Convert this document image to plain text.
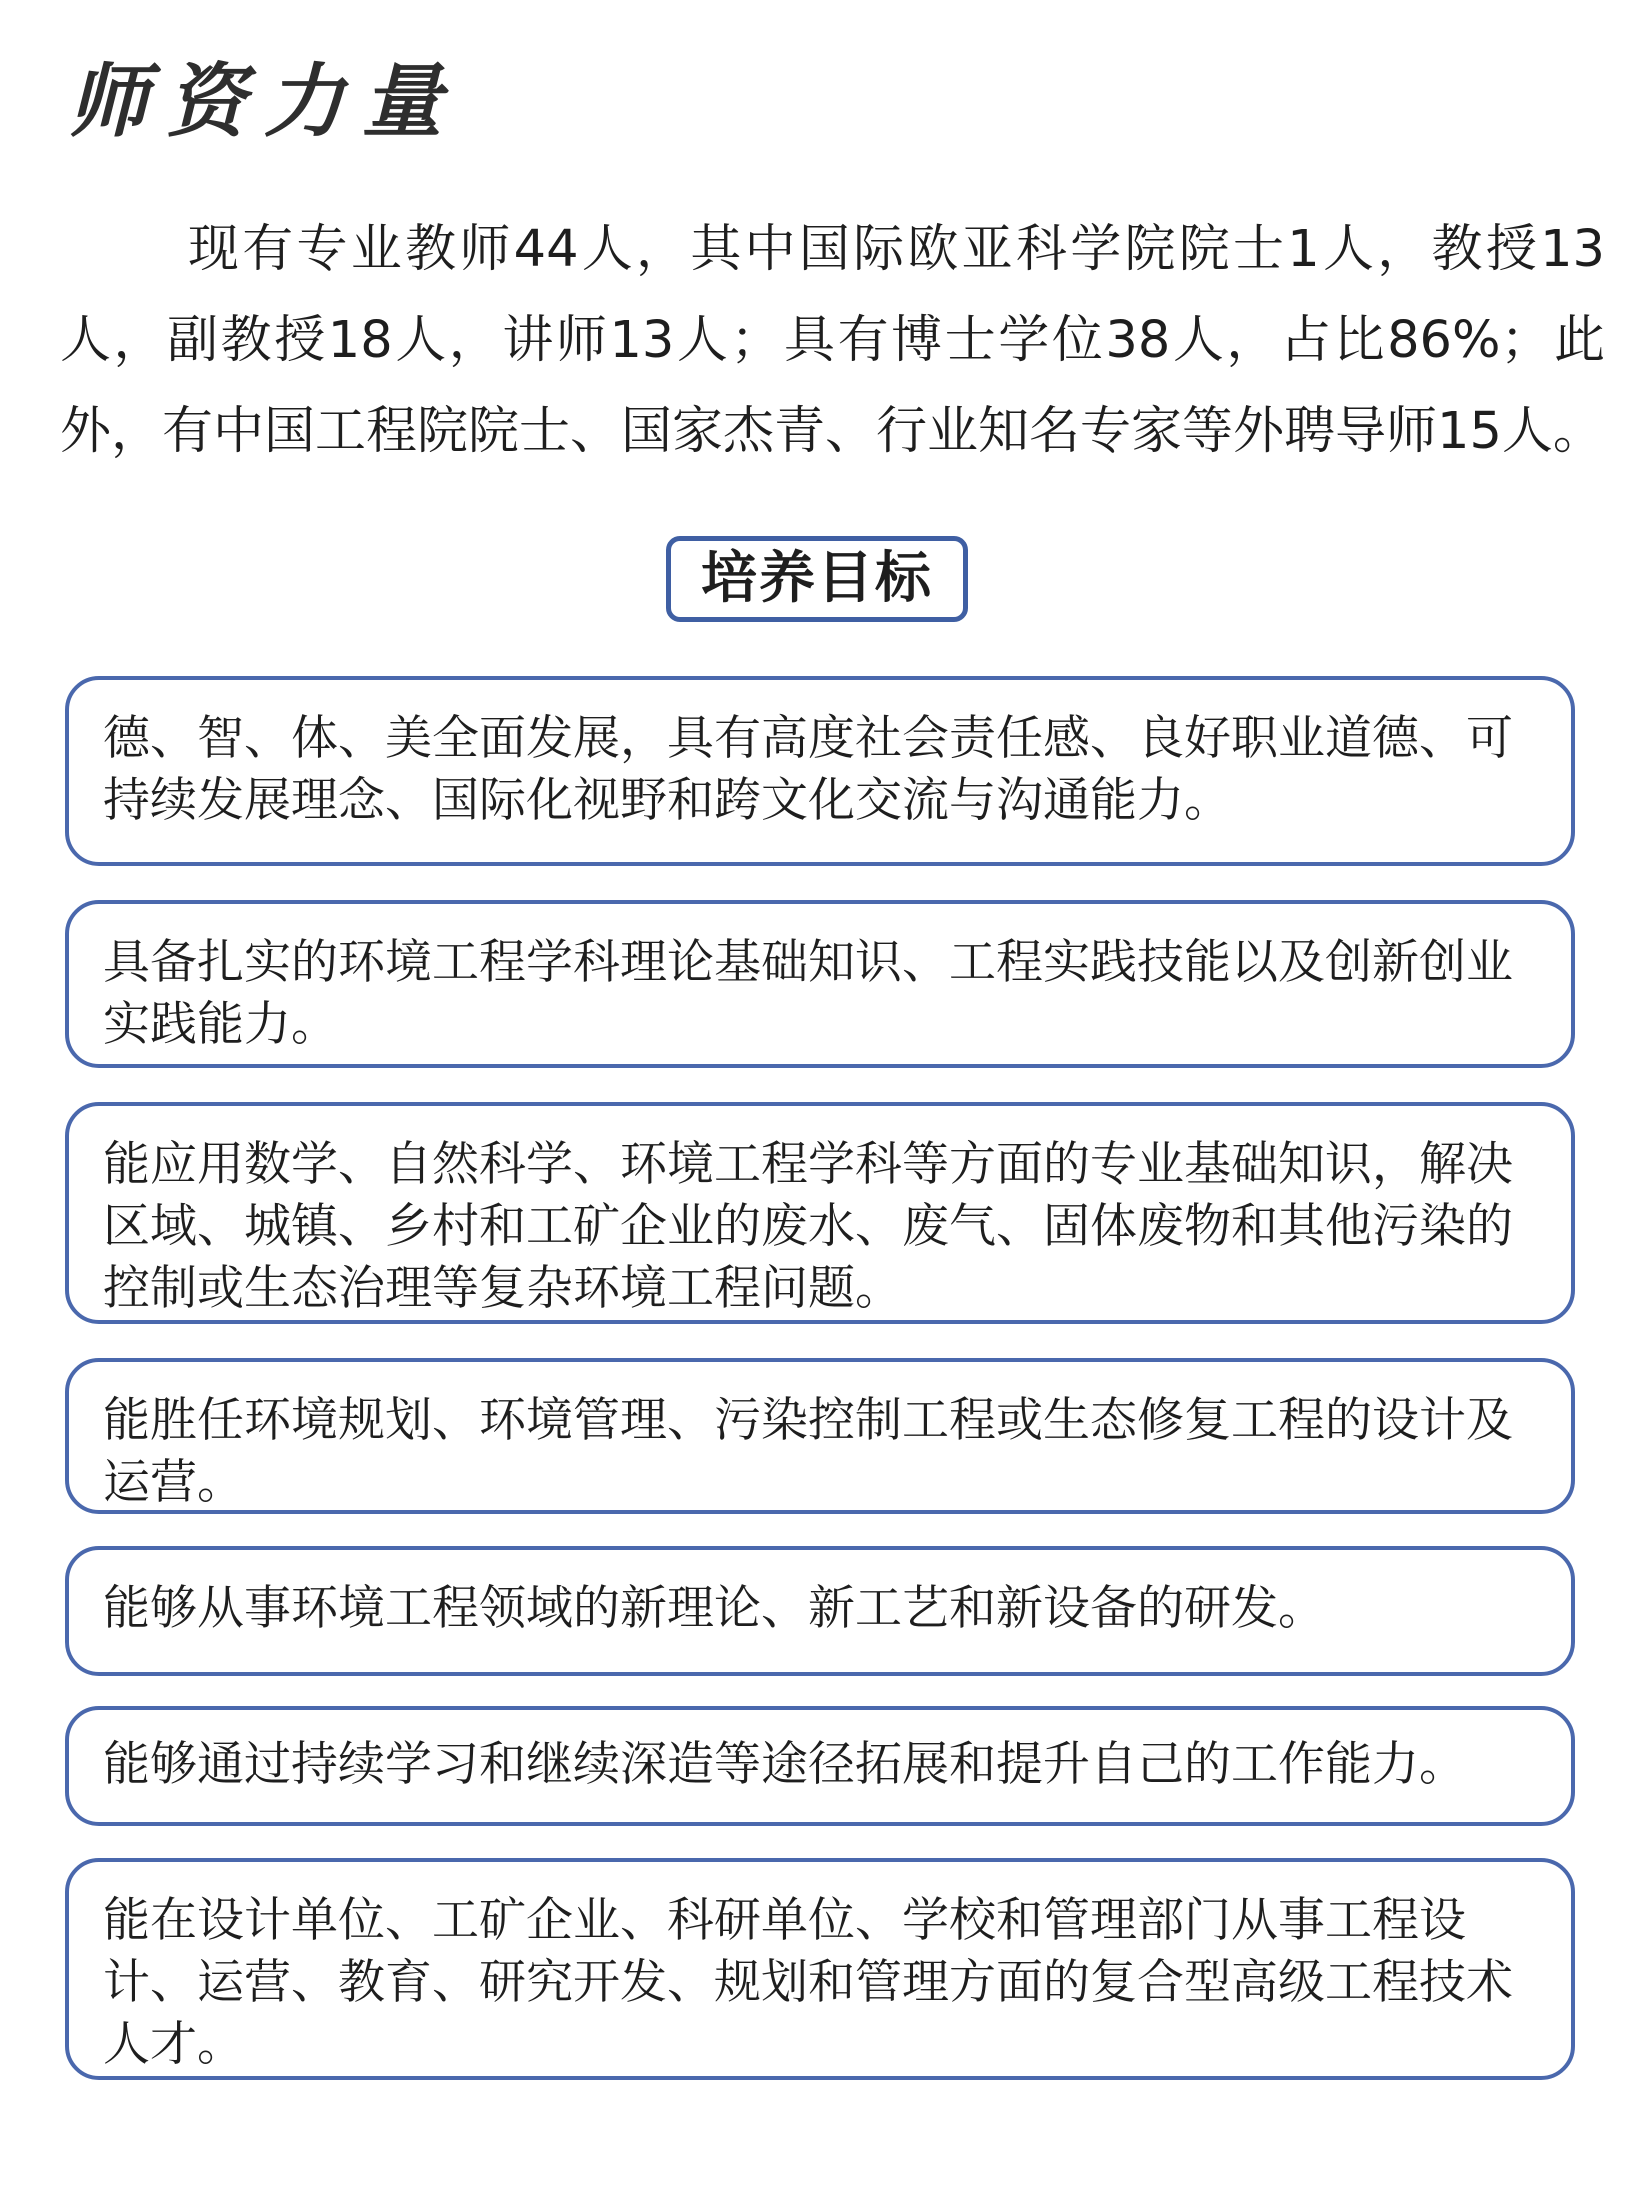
师资力量

现有专业教师44人，其中国际欧亚科学院院士1人，教授13人，副教授18人，讲师13人；具有博士学位38人，占比86%；此外，有中国工程院院士、国家杰青、行业知名专家等外聘导师15人。

培养目标
德、智、体、美全面发展，具有高度社会责任感、良好职业道德、可持续发展理念、国际化视野和跨文化交流与沟通能力。
具备扎实的环境工程学科理论基础知识、工程实践技能以及创新创业实践能力。
能应用数学、自然科学、环境工程学科等方面的专业基础知识，解决区域、城镇、乡村和工矿企业的废水、废气、固体废物和其他污染的控制或生态治理等复杂环境工程问题。
能胜任环境规划、环境管理、污染控制工程或生态修复工程的设计及运营。
能够从事环境工程领域的新理论、新工艺和新设备的研发。
能够通过持续学习和继续深造等途径拓展和提升自己的工作能力。
能在设计单位、工矿企业、科研单位、学校和管理部门从事工程设计、运营、教育、研究开发、规划和管理方面的复合型高级工程技术人才。
